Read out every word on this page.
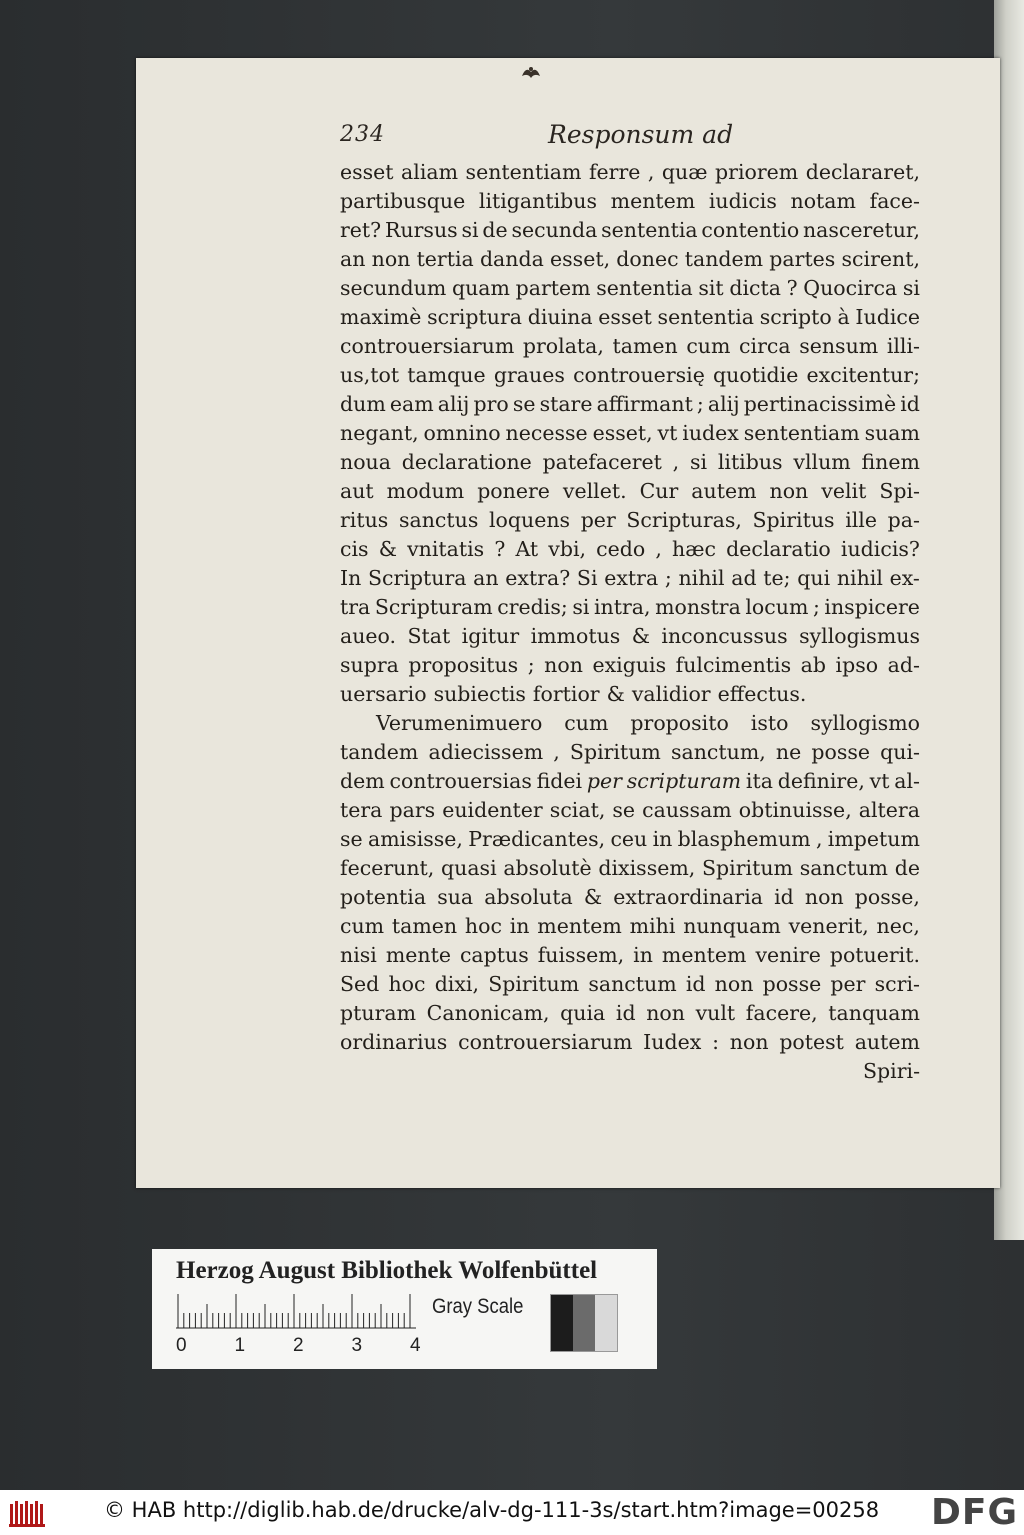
234	Responsum ad
esset aliam sententiam ferre , quæ priorem declararet,
partibusque litigantibus mentem iudicis notam face-
ret? Rursus si de secunda sententia contentio nasceretur,
an non tertia danda esset, donec tandem partes scirent,
secundum quam partem sententia sit dicta ? Quocirca si
maximè scriptura diuina esset sententia scripto à Iudice
controuersiarum prolata, tamen cum circa sensum illi-
us,tot tamque graues controuersię quotidie excitentur;
dum eam alij pro se stare affirmant ; alij pertinacissimè id
negant, omnino necesse esset, vt iudex sententiam suam
noua declaratione patefaceret , si litibus vllum finem
aut modum ponere vellet. Cur autem non velit Spi-
ritus sanctus loquens per Scripturas, Spiritus ille pa-
cis & vnitatis ? At vbi, cedo , hæc declaratio iudicis?
In Scriptura an extra? Si extra ; nihil ad te; qui nihil ex-
tra Scripturam credis; si intra, monstra locum ; inspicere
aueo. Stat igitur immotus & inconcussus syllogismus
supra propositus ; non exiguis fulcimentis ab ipso ad-
uersario subiectis fortior & validior effectus.
Verumenimuero cum proposito isto syllogismo
tandem adiecissem , Spiritum sanctum, ne posse qui-
dem controuersias fidei per scripturam ita definire, vt al-
tera pars euidenter sciat, se caussam obtinuisse, altera
se amisisse, Prædicantes, ceu in blasphemum , impetum
fecerunt, quasi absolutè dixissem, Spiritum sanctum de
potentia sua absoluta & extraordinaria id non posse,
cum tamen hoc in mentem mihi nunquam venerit, nec,
nisi mente captus fuissem, in mentem venire potuerit.
Sed hoc dixi, Spiritum sanctum id non posse per scri-
pturam Canonicam, quia id non vult facere, tanquam
ordinarius controuersiarum Iudex : non potest autem
Spiri-
Herzog August Bibliothek Wolfenbüttel
0	1	2	3	4
Gray Scale
© HAB http://diglib.hab.de/drucke/alv-dg-111-3s/start.htm?image=00258 DFG
